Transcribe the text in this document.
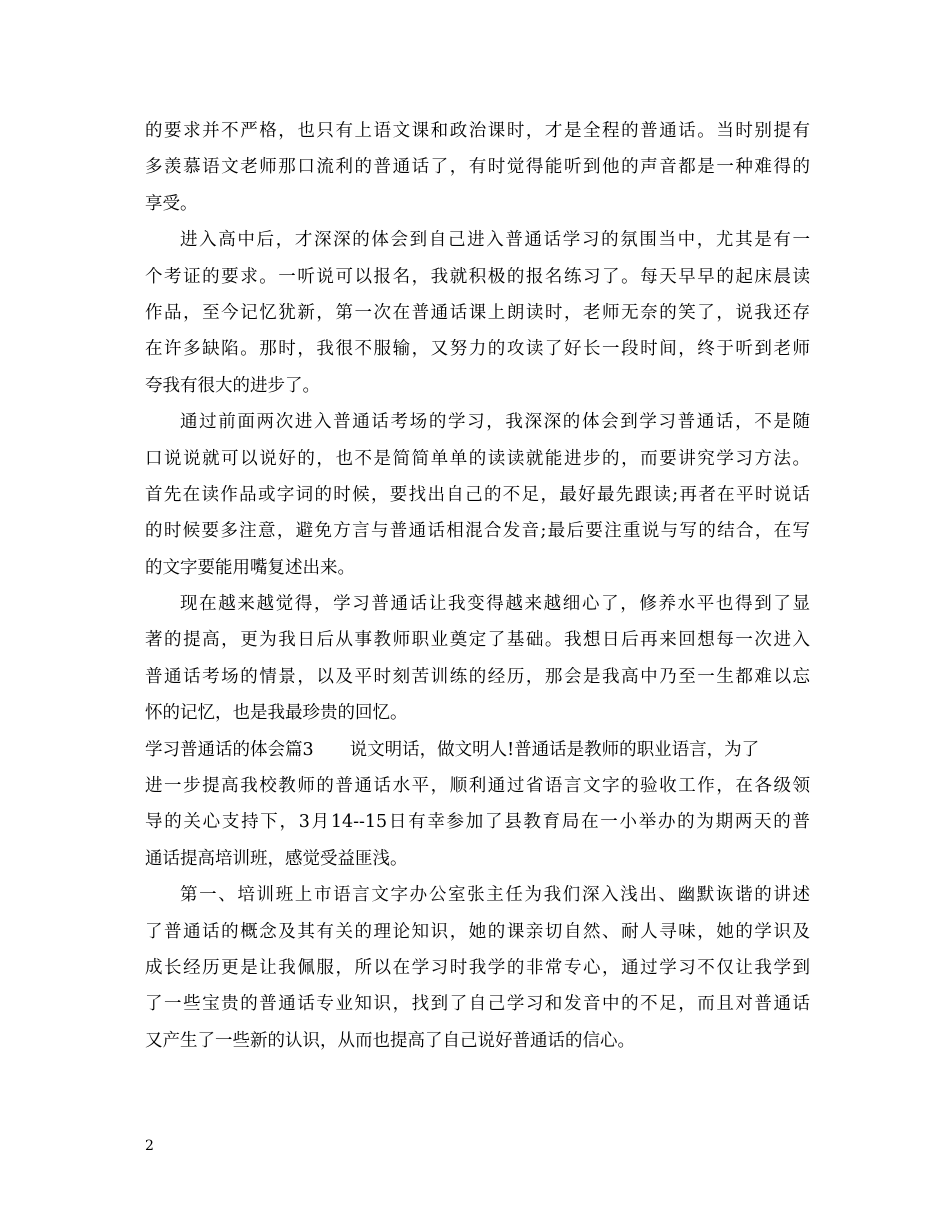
的要求并不严格，也只有上语文课和政治课时，才是全程的普通话。当时别提有
多羡慕语文老师那口流利的普通话了，有时觉得能听到他的声音都是一种难得的
享受。
进入高中后，才深深的体会到自己进入普通话学习的氛围当中，尤其是有一
个考证的要求。一听说可以报名，我就积极的报名练习了。每天早早的起床晨读
作品，至今记忆犹新，第一次在普通话课上朗读时，老师无奈的笑了，说我还存
在许多缺陷。那时，我很不服输，又努力的攻读了好长一段时间，终于听到老师
夸我有很大的进步了。
通过前面两次进入普通话考场的学习，我深深的体会到学习普通话，不是随
口说说就可以说好的，也不是简简单单的读读就能进步的，而要讲究学习方法。
首先在读作品或字词的时候，要找出自己的不足，最好最先跟读;再者在平时说话
的时候要多注意，避免方言与普通话相混合发音;最后要注重说与写的结合，在写
的文字要能用嘴复述出来。
现在越来越觉得，学习普通话让我变得越来越细心了，修养水平也得到了显
著的提高，更为我日后从事教师职业奠定了基础。我想日后再来回想每一次进入
普通话考场的情景，以及平时刻苦训练的经历，那会是我高中乃至一生都难以忘
怀的记忆，也是我最珍贵的回忆。
学习普通话的体会篇3 说文明话，做文明人!普通话是教师的职业语言，为了
进一步提高我校教师的普通话水平，顺利通过省语言文字的验收工作，在各级领
导的关心支持下，3月14--15日有幸参加了县教育局在一小举办的为期两天的普
通话提高培训班，感觉受益匪浅。
第一、培训班上市语言文字办公室张主任为我们深入浅出、幽默诙谐的讲述
了普通话的概念及其有关的理论知识，她的课亲切自然、耐人寻味，她的学识及
成长经历更是让我佩服，所以在学习时我学的非常专心，通过学习不仅让我学到
了一些宝贵的普通话专业知识，找到了自己学习和发音中的不足，而且对普通话
又产生了一些新的认识，从而也提高了自己说好普通话的信心。
2
